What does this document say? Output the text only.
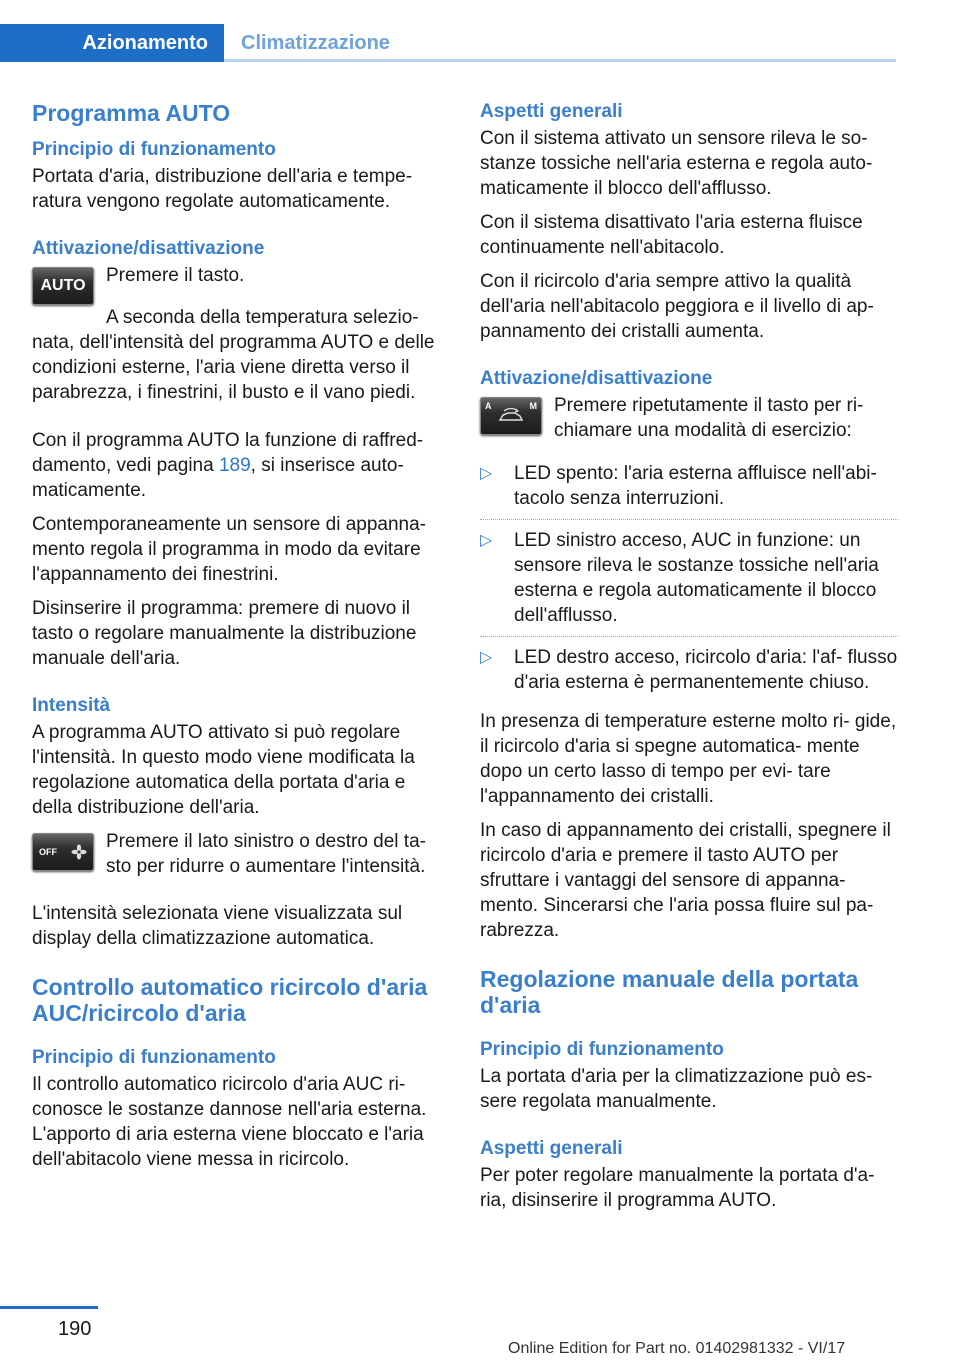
Azionamento	Climatizzazione
Programma AUTO
Principio di funzionamento

Portata d'aria, distribuzione dell'aria e tempe‐ ratura vengono regolate automaticamente.

Attivazione/disattivazione
AUTO Premere il tasto.

A seconda della temperatura selezio‐ nata, dell'intensità del programma AUTO e delle condizioni esterne, l'aria viene diretta verso il parabrezza, i finestrini, il busto e il vano piedi.

Con il programma AUTO la funzione di raffred‐ damento, vedi pagina 189, si inserisce auto‐ maticamente.

Contemporaneamente un sensore di appanna‐ mento regola il programma in modo da evitare l'appannamento dei finestrini.

Disinserire il programma: premere di nuovo il tasto o regolare manualmente la distribuzione manuale dell'aria.

Intensità

A programma AUTO attivato si può regolare l'intensità. In questo modo viene modificata la regolazione automatica della portata d'aria e della distribuzione dell'aria.

OFF	Premere il lato sinistro o destro del ta‐ sto per ridurre o aumentare l'intensità.

L'intensità selezionata viene visualizzata sul display della climatizzazione automatica.

Controllo automatico ricircolo d'aria AUC/ricircolo d'aria
Principio di funzionamento

Il controllo automatico ricircolo d'aria AUC ri‐ conosce le sostanze dannose nell'aria esterna. L'apporto di aria esterna viene bloccato e l'aria dell'abitacolo viene messa in ricircolo.

Aspetti generali

Con il sistema attivato un sensore rileva le so‐ stanze tossiche nell'aria esterna e regola auto‐ maticamente il blocco dell'afflusso.

Con il sistema disattivato l'aria esterna fluisce continuamente nell'abitacolo.

Con il ricircolo d'aria sempre attivo la qualità dell'aria nell'abitacolo peggiora e il livello di ap‐ pannamento dei cristalli aumenta.

Attivazione/disattivazione
A	M Premere ripetutamente il tasto per ri‐ chiamare una modalità di esercizio:

▷ LED spento: l'aria esterna affluisce nell'abi‐ tacolo senza interruzioni.
▷ LED sinistro acceso, AUC in funzione: un sensore rileva le sostanze tossiche nell'aria esterna e regola automaticamente il blocco dell'afflusso.
▷ LED destro acceso, ricircolo d'aria: l'af‐ flusso d'aria esterna è permanentemente chiuso.

In presenza di temperature esterne molto ri‐ gide, il ricircolo d'aria si spegne automatica‐ mente dopo un certo lasso di tempo per evi‐ tare l'appannamento dei cristalli.

In caso di appannamento dei cristalli, spegnere il ricircolo d'aria e premere il tasto AUTO per sfruttare i vantaggi del sensore di appanna‐ mento. Sincerarsi che l'aria possa fluire sul pa‐ rabrezza.

Regolazione manuale della portata d'aria
Principio di funzionamento

La portata d'aria per la climatizzazione può es‐ sere regolata manualmente.

Aspetti generali

Per poter regolare manualmente la portata d'a‐ ria, disinserire il programma AUTO.

190
Online Edition for Part no. 01402981332 - VI/17
